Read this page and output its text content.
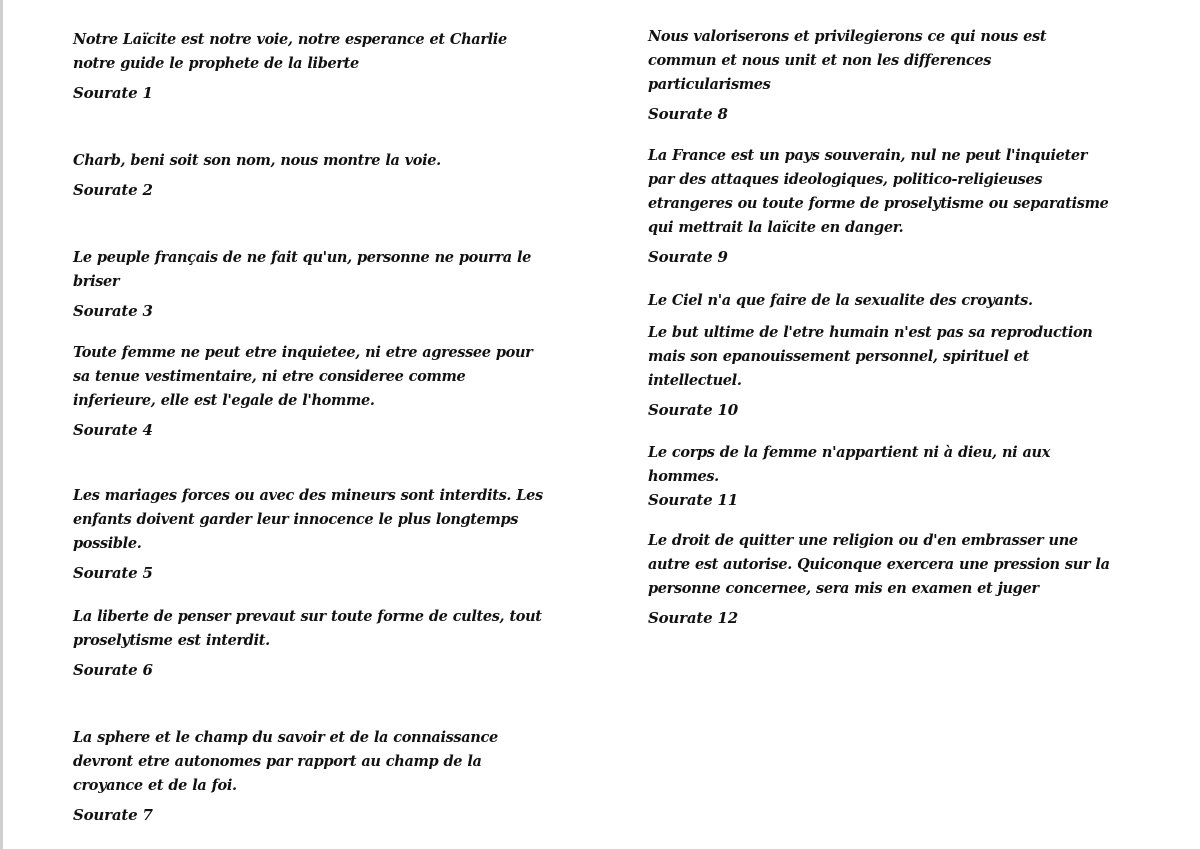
Notre Laïcite est notre voie, notre esperance et Charlie notre guide le prophete de la liberte

Sourate 1

Charb, beni soit son nom, nous montre la voie.

Sourate 2

Le peuple français de ne fait qu'un, personne ne pourra le briser

Sourate 3

Toute femme ne peut etre inquietee, ni etre agressee pour sa tenue vestimentaire, ni etre consideree comme inferieure, elle est l'egale de l'homme.

Sourate 4

Les mariages forces ou avec des mineurs sont interdits. Les enfants doivent garder leur innocence le plus longtemps possible.

Sourate 5

La liberte de penser prevaut sur toute forme de cultes, tout proselytisme est interdit.

Sourate 6

La sphere et le champ du savoir et de la connaissance devront etre autonomes par rapport au champ de la croyance et de la foi.

Sourate 7

Nous valoriserons et privilegierons ce qui nous est commun et nous unit et non les differences particularismes

Sourate 8

La France est un pays souverain, nul ne peut l'inquieter par des attaques ideologiques, politico-religieuses etrangeres ou toute forme de proselytisme ou separatisme qui mettrait la laïcite en danger.

Sourate 9

Le Ciel n'a que faire de la sexualite des croyants.

Le but ultime de l'etre humain n'est pas sa reproduction mais son epanouissement personnel, spirituel et intellectuel.

Sourate 10

Le corps de la femme n'appartient ni à dieu, ni aux hommes.

Sourate 11

Le droit de quitter une religion ou d'en embrasser une autre est autorise. Quiconque exercera une pression sur la personne concernee, sera mis en examen et juger

Sourate 12
